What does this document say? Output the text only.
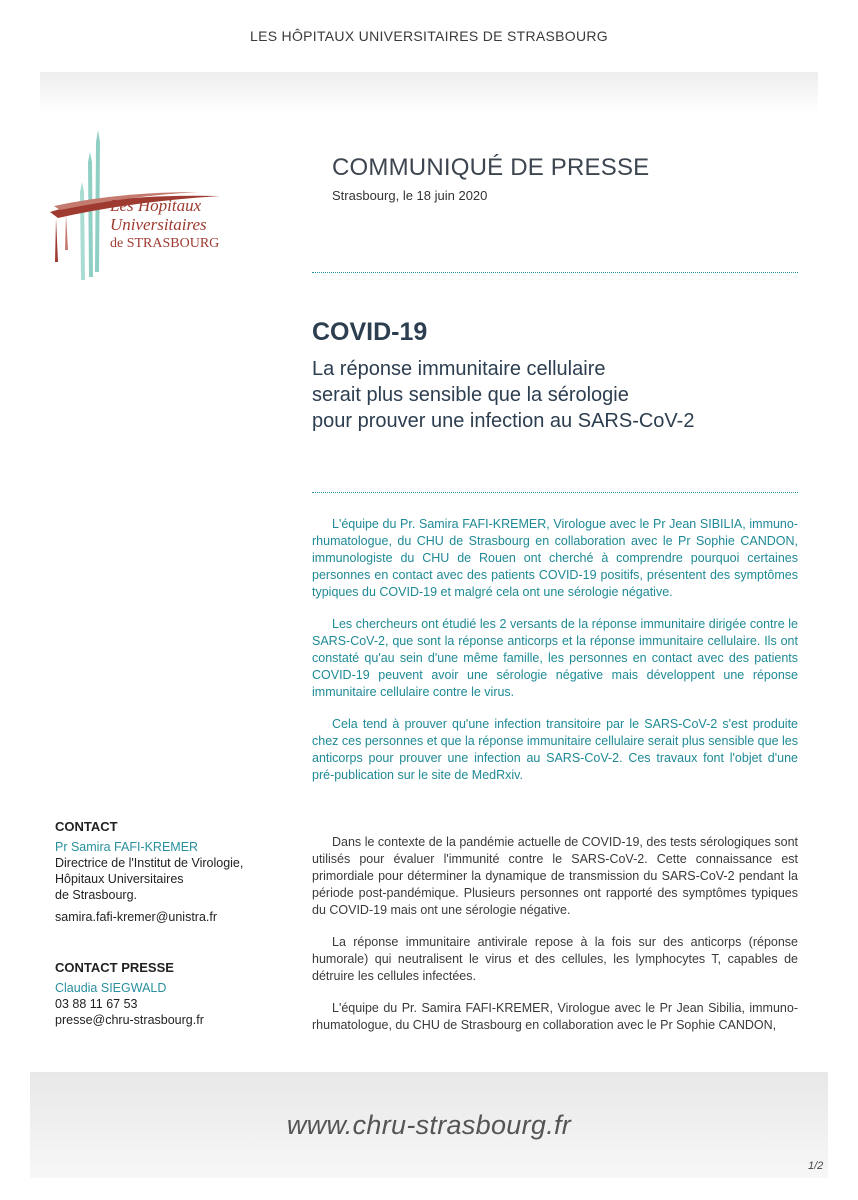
LES HÔPITAUX UNIVERSITAIRES DE STRASBOURG
Les Hôpitaux
Universitaires
de STRASBOURG
COMMUNIQUÉ DE PRESSE
Strasbourg, le 18 juin 2020
COVID-19
La réponse immunitaire cellulaire
serait plus sensible que la sérologie
pour prouver une infection au SARS-CoV-2

L'équipe du Pr. Samira FAFI-KREMER, Virologue avec le Pr Jean SIBILIA, immuno-rhumatologue, du CHU de Strasbourg en collaboration avec le Pr Sophie CANDON, immunologiste du CHU de Rouen ont cherché à comprendre pourquoi certaines personnes en contact avec des patients COVID-19 positifs, présentent des symptômes typiques du COVID-19 et malgré cela ont une sérologie négative.

Les chercheurs ont étudié les 2 versants de la réponse immunitaire dirigée contre le SARS-CoV-2, que sont la réponse anticorps et la réponse immunitaire cellulaire. Ils ont constaté qu'au sein d'une même famille, les personnes en contact avec des patients COVID-19 peuvent avoir une sérologie négative mais développent une réponse immunitaire cellulaire contre le virus.

Cela tend à prouver qu'une infection transitoire par le SARS-CoV-2 s'est produite chez ces personnes et que la réponse immunitaire cellulaire serait plus sensible que les anticorps pour prouver une infection au SARS-CoV-2. Ces travaux font l'objet d'une pré-publication sur le site de MedRxiv.

Dans le contexte de la pandémie actuelle de COVID-19, des tests sérologiques sont utilisés pour évaluer l'immunité contre le SARS-CoV-2. Cette connaissance est primordiale pour déterminer la dynamique de transmission du SARS-CoV-2 pendant la période post-pandémique. Plusieurs personnes ont rapporté des symptômes typiques du COVID-19 mais ont une sérologie négative.

La réponse immunitaire antivirale repose à la fois sur des anticorps (réponse humorale) qui neutralisent le virus et des cellules, les lymphocytes T, capables de détruire les cellules infectées.

L'équipe du Pr. Samira FAFI-KREMER, Virologue avec le Pr Jean Sibilia, immuno-rhumatologue, du CHU de Strasbourg en collaboration avec le Pr Sophie CANDON,

CONTACT
Pr Samira FAFI-KREMER
Directrice de l'Institut de Virologie,
Hôpitaux Universitaires
de Strasbourg.
samira.fafi-kremer@unistra.fr
CONTACT PRESSE
Claudia SIEGWALD
03 88 11 67 53
presse@chru-strasbourg.fr
www.chru-strasbourg.fr
1/2
